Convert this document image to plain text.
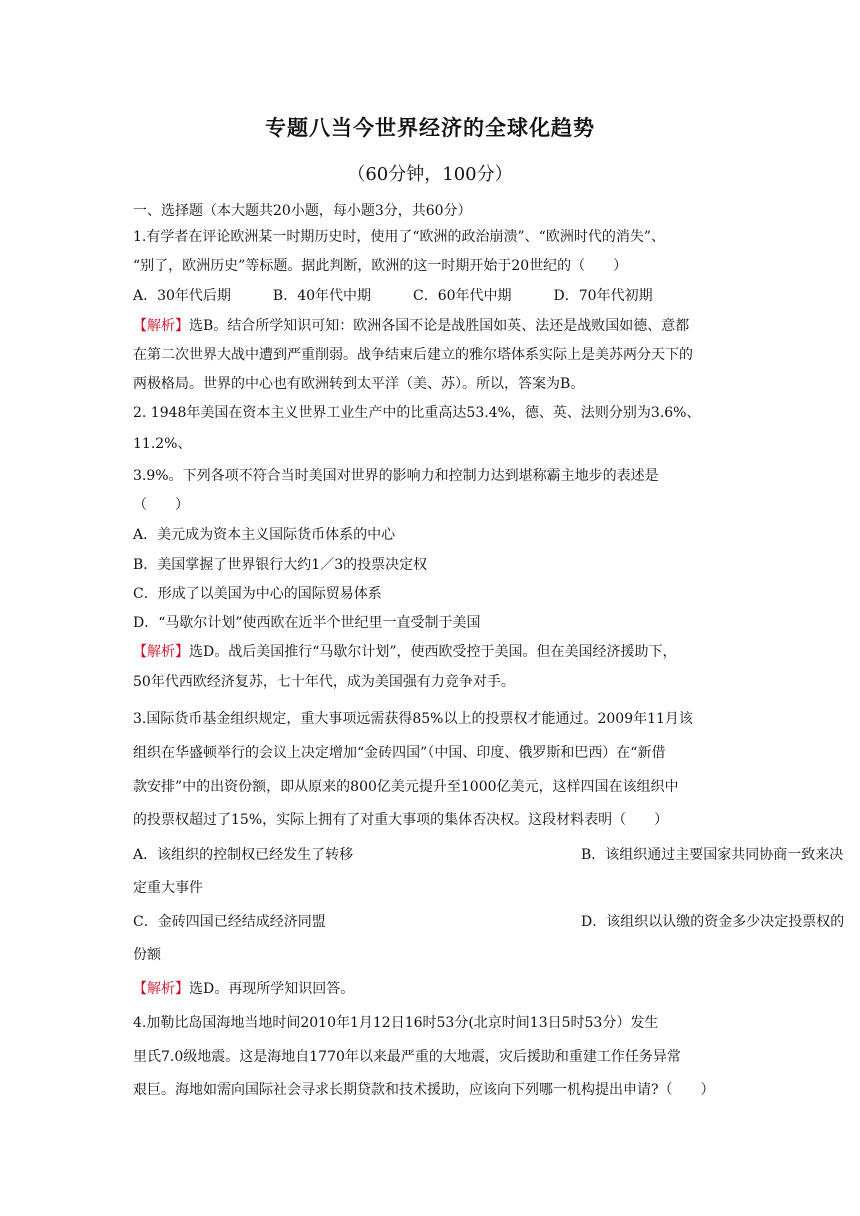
专题八当今世界经济的全球化趋势
（60分钟，100分）
一、选择题（本大题共20小题，每小题3分，共60分）
1.有学者在评论欧洲某一时期历史时，使用了“欧洲的政治崩溃”、“欧洲时代的消失”、
“别了，欧洲历史”等标题。据此判断，欧洲的这一时期开始于20世纪的（　　）
A．30年代后期　　　B．40年代中期　　　C．60年代中期　　　D．70年代初期
【解析】选B。结合所学知识可知：欧洲各国不论是战胜国如英、法还是战败国如德、意都
在第二次世界大战中遭到严重削弱。战争结束后建立的雅尔塔体系实际上是美苏两分天下的
两极格局。世界的中心也有欧洲转到太平洋（美、苏）。所以，答案为B。
2. 1948年美国在资本主义世界工业生产中的比重高达53.4%，德、英、法则分别为3.6%、
11.2%、
3.9%。下列各项不符合当时美国对世界的影响力和控制力达到堪称霸主地步的表述是
（　　）
A．美元成为资本主义国际货币体系的中心
B．美国掌握了世界银行大约1／3的投票决定权
C．形成了以美国为中心的国际贸易体系
D．“马歇尔计划”使西欧在近半个世纪里一直受制于美国
【解析】选D。战后美国推行“马歇尔计划”，使西欧受控于美国。但在美国经济援助下，
50年代西欧经济复苏，七十年代，成为美国强有力竞争对手。
3.国际货币基金组织规定，重大事项远需获得85%以上的投票权才能通过。2009年11月该
组织在华盛顿举行的会议上决定增加“金砖四国”（中国、印度、俄罗斯和巴西）在“新借
款安排”中的出资份额，即从原来的800亿美元提升至1000亿美元，这样四国在该组织中
的投票权超过了15%，实际上拥有了对重大事项的集体否决权。这段材料表明（　　）
A．该组织的控制权已经发生了转移	B．该组织通过主要国家共同协商一致来决
定重大事件
C．金砖四国已经结成经济同盟	D．该组织以认缴的资金多少决定投票权的
份额
【解析】选D。再现所学知识回答。
4.加勒比岛国海地当地时间2010年1月12日16时53分(北京时间13日5时53分）发生
里氏7.0级地震。这是海地自1770年以来最严重的大地震，灾后援助和重建工作任务异常
艰巨。海地如需向国际社会寻求长期贷款和技术援助，应该向下列哪一机构提出申请?（　　）
